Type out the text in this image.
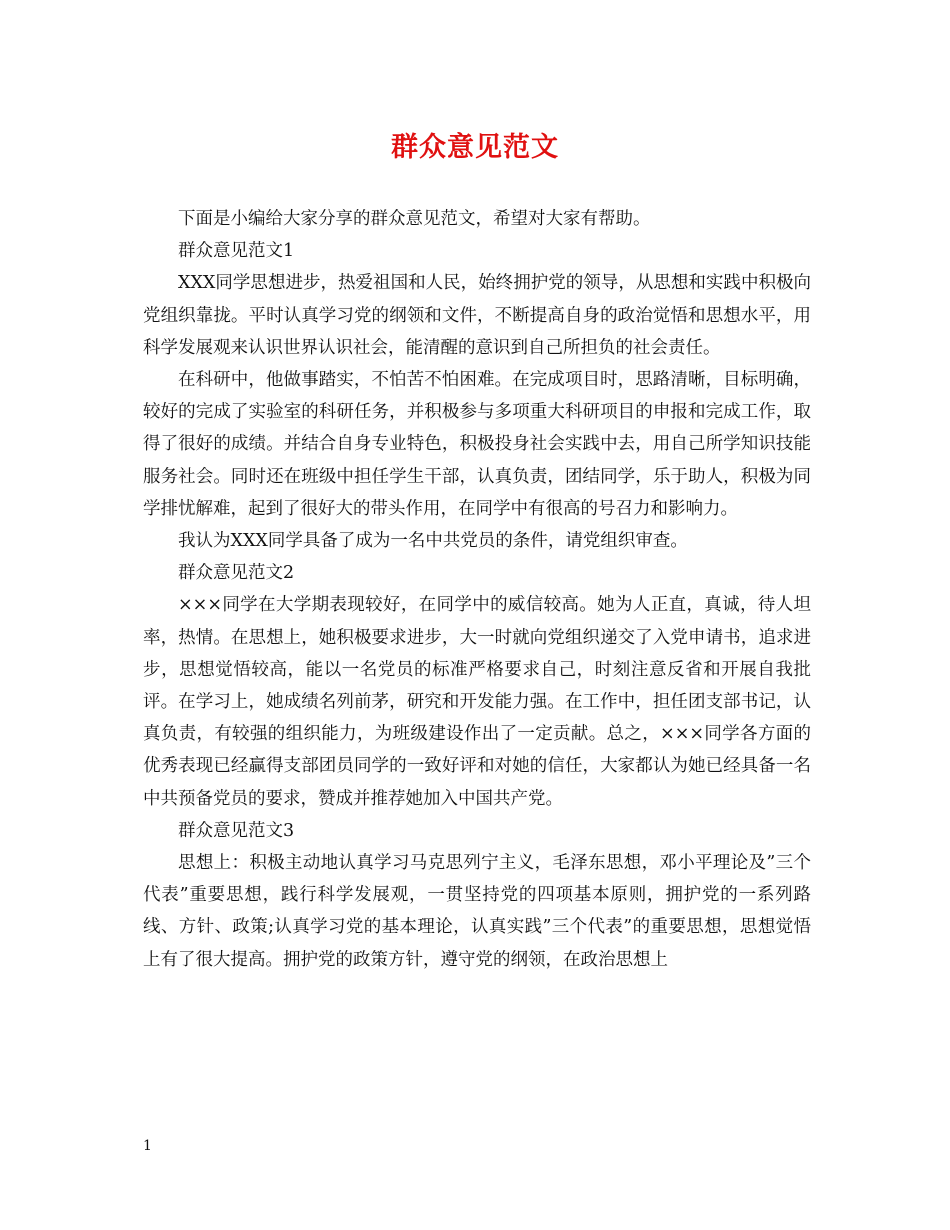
群众意见范文

下面是小编给大家分享的群众意见范文，希望对大家有帮助。

群众意见范文1

XXX同学思想进步，热爱祖国和人民，始终拥护党的领导，从思想和实践中积极向党组织靠拢。平时认真学习党的纲领和文件，不断提高自身的政治觉悟和思想水平，用科学发展观来认识世界认识社会，能清醒的意识到自己所担负的社会责任。

在科研中，他做事踏实，不怕苦不怕困难。在完成项目时，思路清晰，目标明确，较好的完成了实验室的科研任务，并积极参与多项重大科研项目的申报和完成工作，取得了很好的成绩。并结合自身专业特色，积极投身社会实践中去，用自己所学知识技能服务社会。同时还在班级中担任学生干部，认真负责，团结同学，乐于助人，积极为同学排忧解难，起到了很好大的带头作用，在同学中有很高的号召力和影响力。

我认为XXX同学具备了成为一名中共党员的条件，请党组织审查。

群众意见范文2

×××同学在大学期表现较好，在同学中的威信较高。她为人正直，真诚，待人坦率，热情。在思想上，她积极要求进步，大一时就向党组织递交了入党申请书，追求进步，思想觉悟较高，能以一名党员的标准严格要求自己，时刻注意反省和开展自我批评。在学习上，她成绩名列前茅，研究和开发能力强。在工作中，担任团支部书记，认真负责，有较强的组织能力，为班级建设作出了一定贡献。总之，×××同学各方面的优秀表现已经赢得支部团员同学的一致好评和对她的信任，大家都认为她已经具备一名中共预备党员的要求，赞成并推荐她加入中国共产党。

群众意见范文3

思想上：积极主动地认真学习马克思列宁主义，毛泽东思想，邓小平理论及”三个代表”重要思想，践行科学发展观，一贯坚持党的四项基本原则，拥护党的一系列路线、方针、政策;认真学习党的基本理论，认真实践”三个代表”的重要思想，思想觉悟上有了很大提高。拥护党的政策方针，遵守党的纲领，在政治思想上

1
